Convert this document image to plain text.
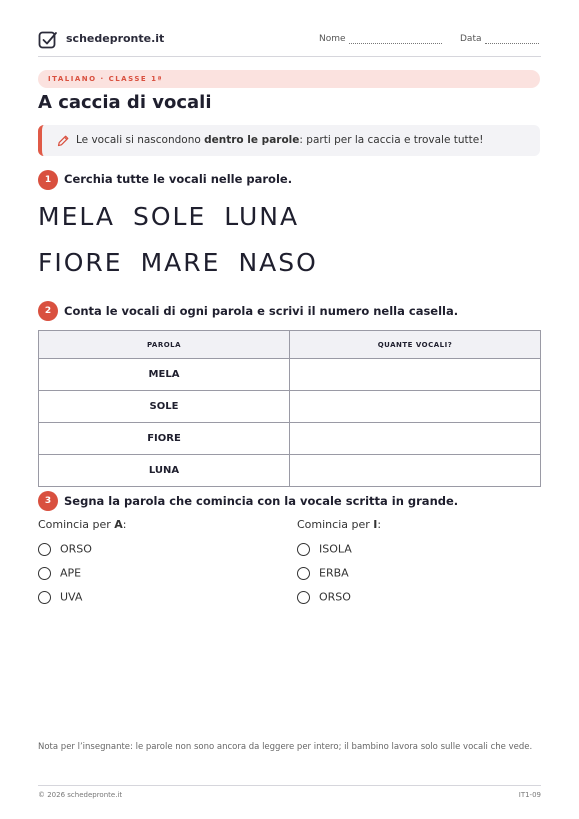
schedepronte.it	Nome	Data
ITALIANO · CLASSE 1ª
A caccia di vocali
Le vocali si nascondono dentro le parole: parti per la caccia e trovale tutte!
1	Cerchia tutte le vocali nelle parole.
MELA SOLE LUNA
FIORE MARE NASO
2	Conta le vocali di ogni parola e scrivi il numero nella casella.
PAROLA	QUANTE VOCALI?
MELA	
SOLE	
FIORE	
LUNA	
3	Segna la parola che comincia con la vocale scritta in grande.
Comincia per A:
ORSO
APE
UVA
Comincia per I:
ISOLA
ERBA
ORSO
Nota per l’insegnante: le parole non sono ancora da leggere per intero; il bambino lavora solo sulle vocali che vede.
© 2026 schedepronte.it	IT1-09
